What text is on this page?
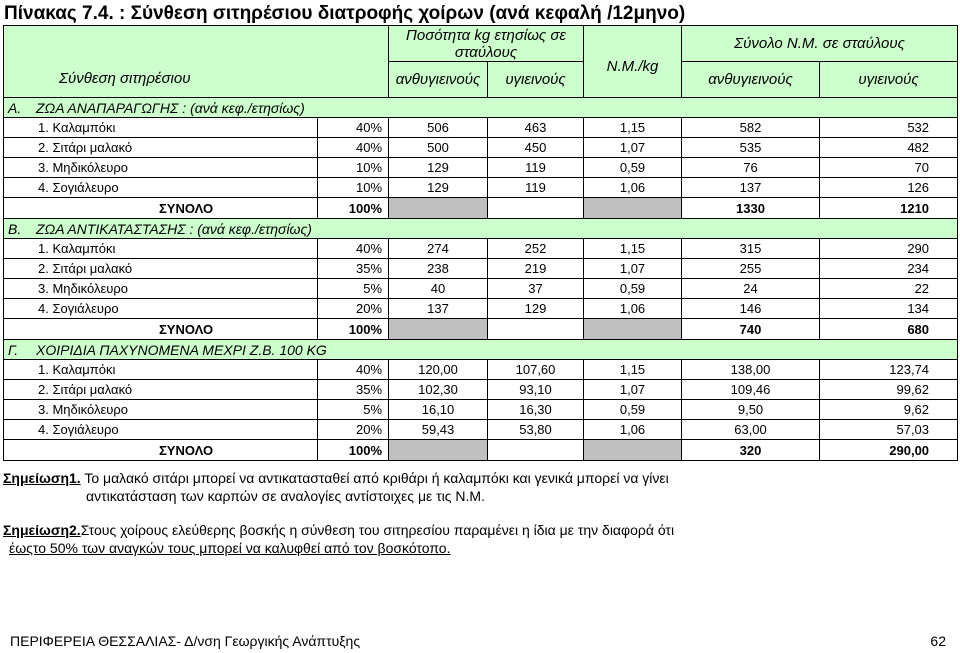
Πίνακας 7.4. : Σύνθεση σιτηρέσιου διατροφής χοίρων (ανά κεφαλή /12μηνο)
Σύνθεση σιτηρέσιου		Ποσότητα kg ετησίως σε σταύλους		Ν.Μ./kg	Σύνολο Ν.Μ. σε σταύλους	
		ανθυγιεινούς	υγιεινούς		ανθυγιεινούς	υγιεινούς
Α. ΖΩΑ ΑΝΑΠΑΡΑΓΩΓΗΣ : (ανά κεφ./ετησίως)						
1. Καλαμπόκι	40%	506	463	1,15	582	532
2. Σιτάρι μαλακό	40%	500	450	1,07	535	482
3. Μηδικόλευρο	10%	129	119	0,59	76	70
4. Σογιάλευρο	10%	129	119	1,06	137	126
ΣΥΝΟΛΟ	100%				1330	1210
Β. ΖΩΑ ΑΝΤΙΚΑΤΑΣΤΑΣΗΣ : (ανά κεφ./ετησίως)						
1. Καλαμπόκι	40%	274	252	1,15	315	290
2. Σιτάρι μαλακό	35%	238	219	1,07	255	234
3. Μηδικόλευρο	5%	40	37	0,59	24	22
4. Σογιάλευρο	20%	137	129	1,06	146	134
ΣΥΝΟΛΟ	100%				740	680
Γ. ΧΟΙΡΙΔΙΑ ΠΑΧΥΝΟΜΕΝΑ ΜΕΧΡΙ Ζ.Β. 100 KG						
1. Καλαμπόκι	40%	120,00	107,60	1,15	138,00	123,74
2. Σιτάρι μαλακό	35%	102,30	93,10	1,07	109,46	99,62
3. Μηδικόλευρο	5%	16,10	16,30	0,59	9,50	9,62
4. Σογιάλευρο	20%	59,43	53,80	1,06	63,00	57,03
ΣΥΝΟΛΟ	100%				320	290,00
Σημείωση1. Το μαλακό σιτάρι μπορεί να αντικατασταθεί από κριθάρι ή καλαμπόκι και γενικά μπορεί να γίνει
αντικατάσταση των καρπών σε αναλογίες αντίστοιχες με τις Ν.Μ.
Σημείωση2.Στους χοίρους ελεύθερης βοσκής η σύνθεση του σιτηρεσίου παραμένει η ίδια με την διαφορά ότι
έωςτο 50% των αναγκών τους μπορεί να καλυφθεί από τον βοσκότοπο.
ΠΕΡΙΦΕΡΕΙΑ ΘΕΣΣΑΛΙΑΣ- Δ/νση Γεωργικής Ανάπτυξης	62
